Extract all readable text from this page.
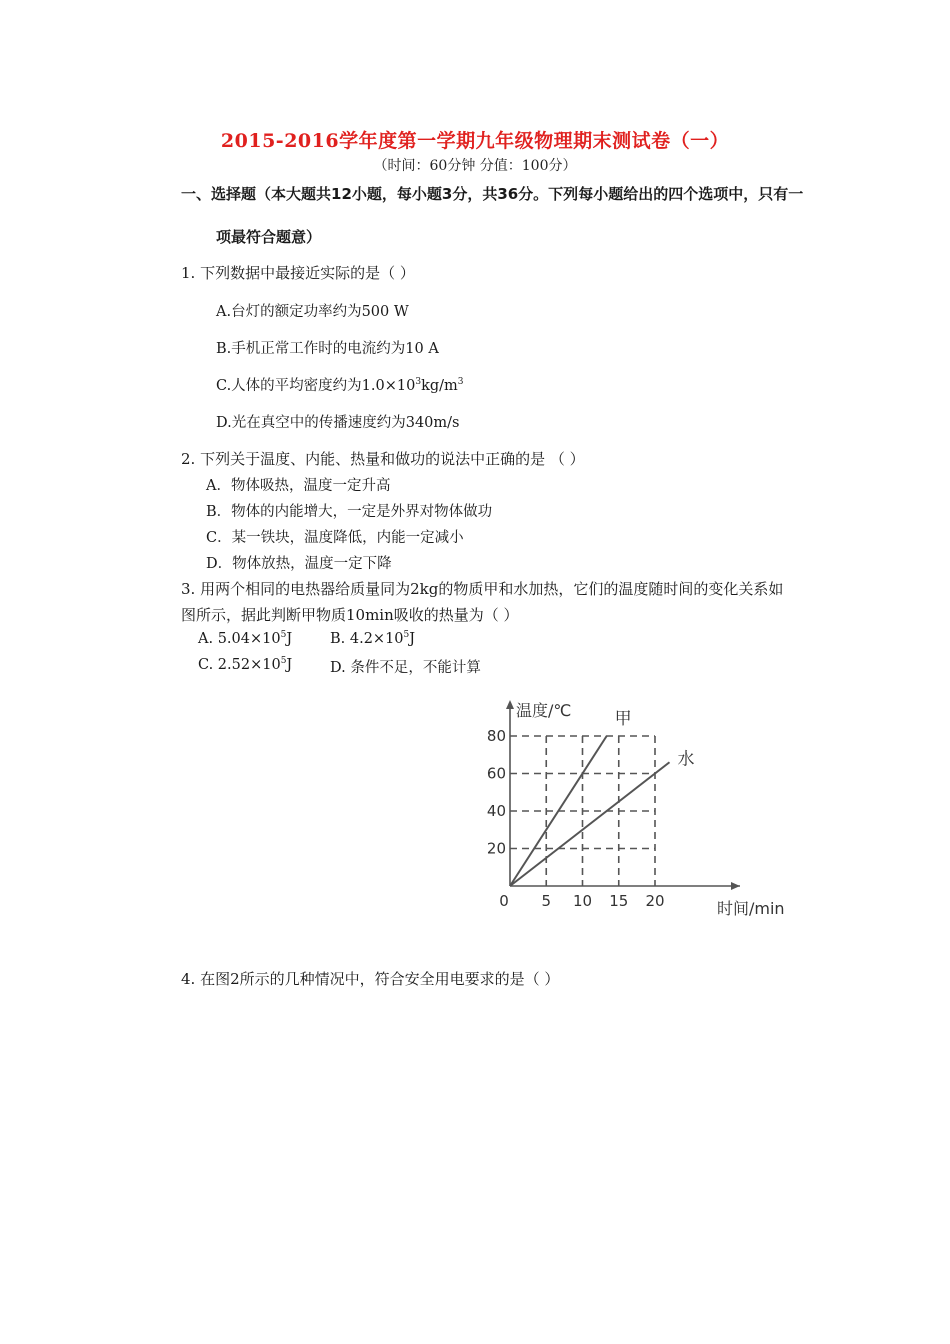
2015-2016学年度第一学期九年级物理期末测试卷（一）
（时间：60分钟 分值：100分）
一、选择题（本大题共12小题，每小题3分，共36分。下列每小题给出的四个选项中，只有一
项最符合题意）
1. 下列数据中最接近实际的是（ ）
A.台灯的额定功率约为500 W
B.手机正常工作时的电流约为10 A
C.人体的平均密度约为$1.0\times 10^3kg/m^3$
D.光在真空中的传播速度约为340m/s
2. 下列关于温度、内能、热量和做功的说法中正确的是 （ ）
A．物体吸热，温度一定升高
B．物体的内能增大，一定是外界对物体做功
C．某一铁块，温度降低，内能一定减小
D．物体放热，温度一定下降
3. 用两个相同的电热器给质量同为2kg的物质甲和水加热，它们的温度随时间的变化关系如
图所示，据此判断甲物质10min吸收的热量为（ ）
A. $5.04\times 10^5J$	B. $4.2\times 10^5J$
C. $2.52\times 10^5J$	D. 条件不足，不能计算
0 5 10 15 20
20
40
60
80
温度/℃
时间/min
甲
水
4. 在图2所示的几种情况中，符合安全用电要求的是（ ）
